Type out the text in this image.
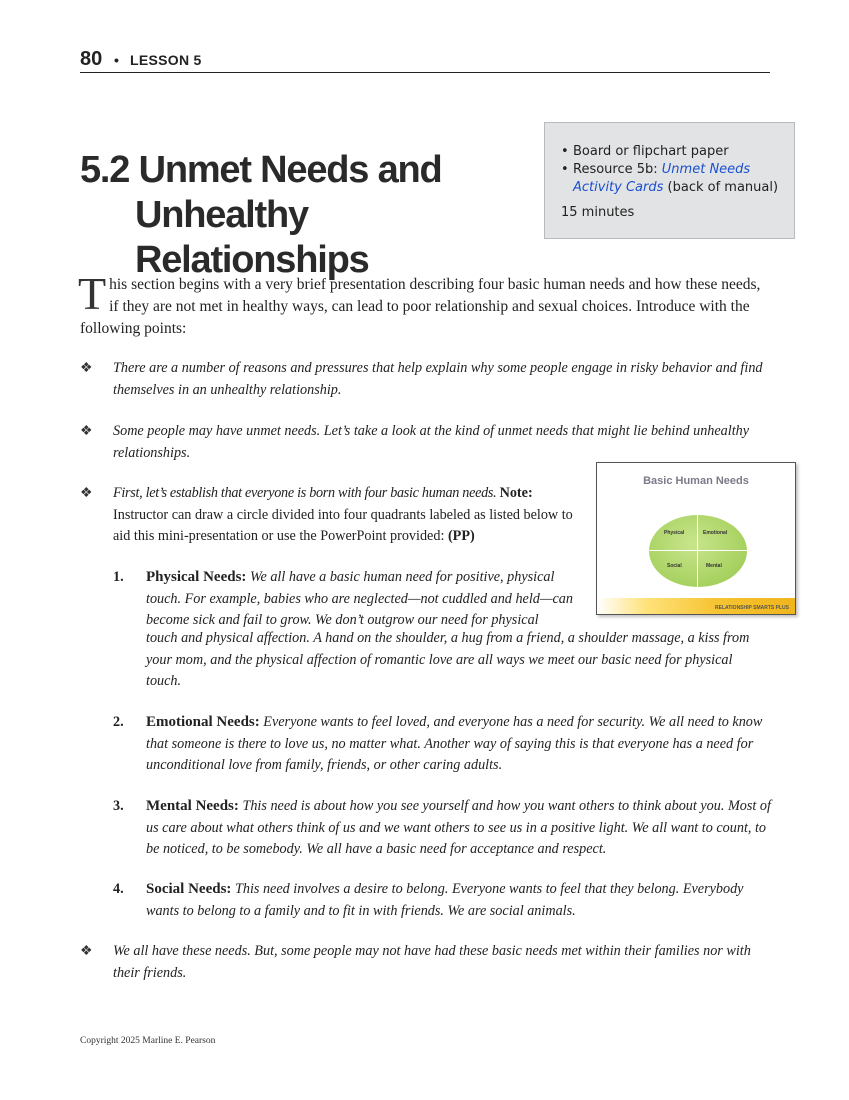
80 • LESSON 5
5.2 Unmet Needs and
Unhealthy Relationships
• Board or flipchart paper
• Resource 5b: Unmet Needs Activity Cards (back of manual)
15 minutes
This section begins with a very brief presentation describing four basic human needs and how these needs, if they are not met in healthy ways, can lead to poor relationship and sexual choices. Introduce with the following points:
❖ There are a number of reasons and pressures that help explain why some people engage in risky behavior and find themselves in an unhealthy relationship.
❖ Some people may have unmet needs. Let’s take a look at the kind of unmet needs that might lie behind unhealthy relationships.
❖ First, let’s establish that everyone is born with four basic human needs. Note: Instructor can draw a circle divided into four quadrants labeled as listed below to aid this mini-presentation or use the PowerPoint provided: (PP)
Basic Human Needs
Physical	Emotional
Social	Mental
RELATIONSHIP SMARTS PLUS
1. Physical Needs: We all have a basic human need for positive, physical touch. For example, babies who are neglected—not cuddled and held—can become sick and fail to grow. We don’t outgrow our need for physical
touch and physical affection. A hand on the shoulder, a hug from a friend, a shoulder massage, a kiss from your mom, and the physical affection of romantic love are all ways we meet our basic need for physical touch.
2. Emotional Needs: Everyone wants to feel loved, and everyone has a need for security. We all need to know that someone is there to love us, no matter what. Another way of saying this is that everyone has a need for unconditional love from family, friends, or other caring adults.
3. Mental Needs: This need is about how you see yourself and how you want others to think about you. Most of us care about what others think of us and we want others to see us in a positive light. We all want to count, to be noticed, to be somebody. We all have a basic need for acceptance and respect.
4. Social Needs: This need involves a desire to belong. Everyone wants to feel that they belong. Everybody wants to belong to a family and to fit in with friends. We are social animals.
❖ We all have these needs. But, some people may not have had these basic needs met within their families nor with their friends.
Copyright 2025 Marline E. Pearson
